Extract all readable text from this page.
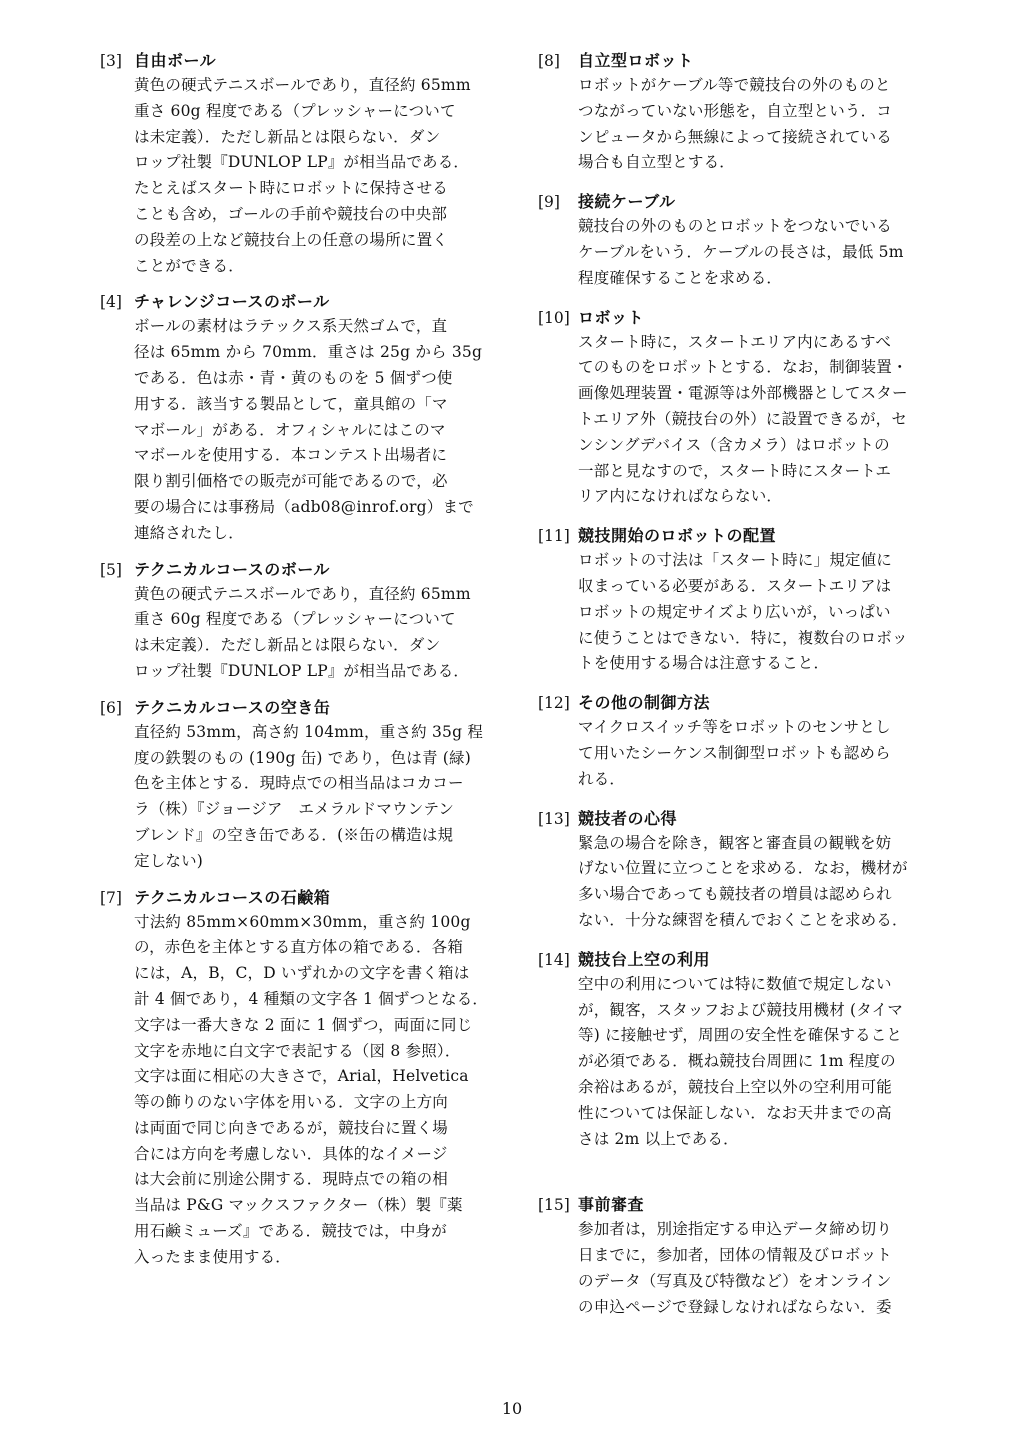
[3] 自由ボール
黄色の硬式テニスボールであり，直径約 65mm
重さ 60g 程度である（プレッシャーについて
は未定義）．ただし新品とは限らない．ダン
ロップ社製『DUNLOP LP』が相当品である．
たとえばスタート時にロボットに保持させる
ことも含め，ゴールの手前や競技台の中央部
の段差の上など競技台上の任意の場所に置く
ことができる．
[4] チャレンジコースのボール
ボールの素材はラテックス系天然ゴムで，直
径は 65mm から 70mm．重さは 25g から 35g
である．色は赤・青・黄のものを 5 個ずつ使
用する．該当する製品として，童具館の「マ
マボール」がある．オフィシャルにはこのマ
マボールを使用する．本コンテスト出場者に
限り割引価格での販売が可能であるので，必
要の場合には事務局（adb08@inrof.org）まで
連絡されたし．
[5] テクニカルコースのボール
黄色の硬式テニスボールであり，直径約 65mm
重さ 60g 程度である（プレッシャーについて
は未定義）．ただし新品とは限らない．ダン
ロップ社製『DUNLOP LP』が相当品である．
[6] テクニカルコースの空き缶
直径約 53mm，高さ約 104mm，重さ約 35g 程
度の鉄製のもの (190g 缶) であり，色は青 (緑)
色を主体とする．現時点での相当品はコカコー
ラ（株）『ジョージア　エメラルドマウンテン
ブレンド』の空き缶である．(※缶の構造は規
定しない)
[7] テクニカルコースの石鹸箱
寸法約 85mm×60mm×30mm，重さ約 100g
の，赤色を主体とする直方体の箱である．各箱
には，A，B，C，D いずれかの文字を書く箱は
計 4 個であり，4 種類の文字各 1 個ずつとなる．
文字は一番大きな 2 面に 1 個ずつ，両面に同じ
文字を赤地に白文字で表記する（図 8 参照）．
文字は面に相応の大きさで，Arial，Helvetica
等の飾りのない字体を用いる．文字の上方向
は両面で同じ向きであるが，競技台に置く場
合には方向を考慮しない．具体的なイメージ
は大会前に別途公開する．現時点での箱の相
当品は P&G マックスファクター（株）製『薬
用石鹸ミューズ』である．競技では，中身が
入ったまま使用する．
[8]	自立型ロボット
ロボットがケーブル等で競技台の外のものと
つながっていない形態を，自立型という．コ
ンピュータから無線によって接続されている
場合も自立型とする．
[9]	接続ケーブル
競技台の外のものとロボットをつないでいる
ケーブルをいう．ケーブルの長さは，最低 5m
程度確保することを求める．
[10] ロボット
スタート時に，スタートエリア内にあるすべ
てのものをロボットとする．なお，制御装置・
画像処理装置・電源等は外部機器としてスター
トエリア外（競技台の外）に設置できるが，セ
ンシングデバイス（含カメラ）はロボットの
一部と見なすので，スタート時にスタートエ
リア内になければならない．
[11] 競技開始のロボットの配置
ロボットの寸法は「スタート時に」規定値に
収まっている必要がある．スタートエリアは
ロボットの規定サイズより広いが，いっぱい
に使うことはできない．特に，複数台のロボッ
トを使用する場合は注意すること．
[12] その他の制御方法
マイクロスイッチ等をロボットのセンサとし
て用いたシーケンス制御型ロボットも認めら
れる．
[13] 競技者の心得
緊急の場合を除き，観客と審査員の観戦を妨
げない位置に立つことを求める．なお，機材が
多い場合であっても競技者の増員は認められ
ない．十分な練習を積んでおくことを求める．
[14] 競技台上空の利用
空中の利用については特に数値で規定しない
が，観客，スタッフおよび競技用機材 (タイマ
等) に接触せず，周囲の安全性を確保すること
が必須である．概ね競技台周囲に 1m 程度の
余裕はあるが，競技台上空以外の空利用可能
性については保証しない．なお天井までの高
さは 2m 以上である．
[15] 事前審査
参加者は，別途指定する申込データ締め切り
日までに，参加者，団体の情報及びロボット
のデータ（写真及び特徴など）をオンライン
の申込ページで登録しなければならない．委
10
